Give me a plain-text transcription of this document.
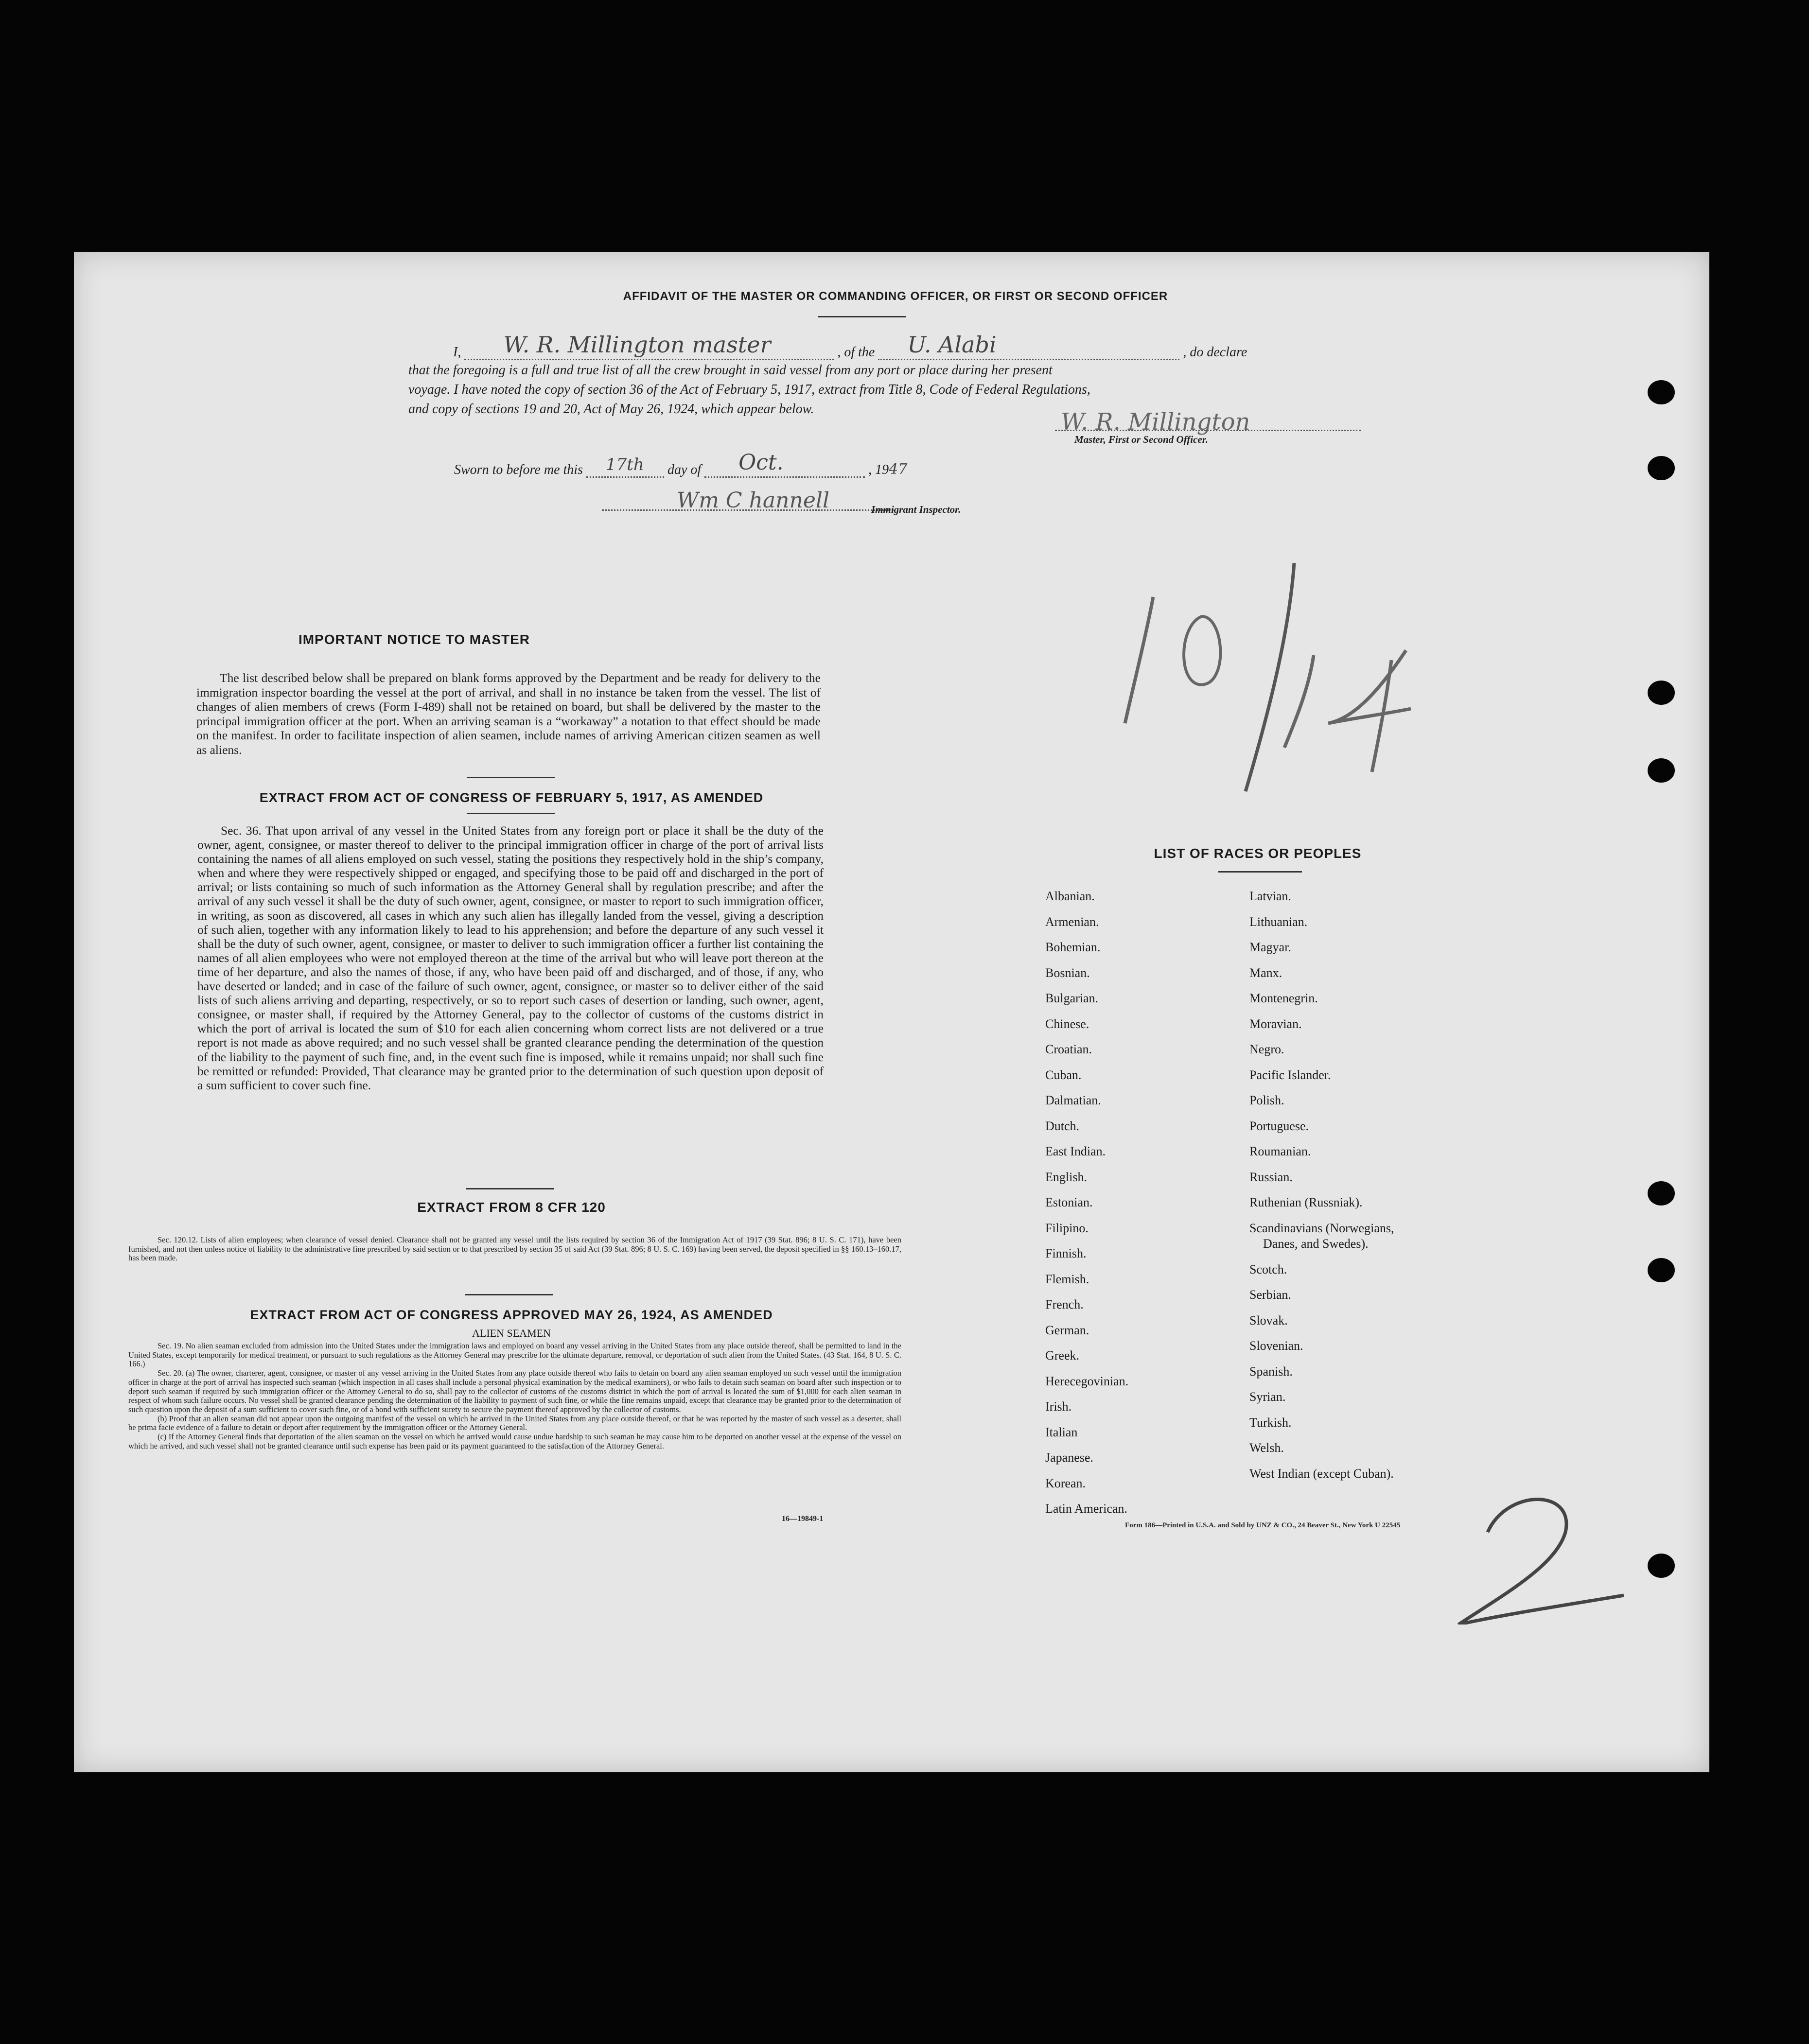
AFFIDAVIT OF THE MASTER OR COMMANDING OFFICER, OR FIRST OR SECOND OFFICER
I, W. R. Millington master	, of the U. Alabi	, do declare
that the foregoing is a full and true list of all the crew brought in said vessel from any port or place during her present
voyage. I have noted the copy of section 36 of the Act of February 5, 1917, extract from Title 8, Code of Federal Regulations,
and copy of sections 19 and 20, Act of May 26, 1924, which appear below.	W. R. Millington
Master, First or Second Officer.
Sworn to before me this 17th day of Oct.	, 1947
Wm C hannell	Immigrant Inspector.
IMPORTANT NOTICE TO MASTER

The list described below shall be prepared on blank forms approved by the Department and be ready for delivery to the immigration inspector boarding the vessel at the port of arrival, and shall in no instance be taken from the vessel. The list of changes of alien members of crews (Form I-489) shall not be retained on board, but shall be delivered by the master to the principal immigration officer at the port. When an arriving seaman is a “workaway” a notation to that effect should be made on the manifest. In order to facilitate inspection of alien seamen, include names of arriving American citizen seamen as well as aliens.

EXTRACT FROM ACT OF CONGRESS OF FEBRUARY 5, 1917, AS AMENDED

Sec. 36. That upon arrival of any vessel in the United States from any foreign port or place it shall be the duty of the owner, agent, consignee, or master thereof to deliver to the principal immigration officer in charge of the port of arrival lists containing the names of all aliens employed on such vessel, stating the positions they respectively hold in the ship’s company, when and where they were respectively shipped or engaged, and specifying those to be paid off and discharged in the port of arrival; or lists containing so much of such information as the Attorney General shall by regulation prescribe; and after the arrival of any such vessel it shall be the duty of such owner, agent, consignee, or master to report to such immigration officer, in writing, as soon as discovered, all cases in which any such alien has illegally landed from the vessel, giving a description of such alien, together with any information likely to lead to his apprehension; and before the departure of any such vessel it shall be the duty of such owner, agent, consignee, or master to deliver to such immigration officer a further list containing the names of all alien employees who were not employed thereon at the time of the arrival but who will leave port thereon at the time of her departure, and also the names of those, if any, who have been paid off and discharged, and of those, if any, who have deserted or landed; and in case of the failure of such owner, agent, consignee, or master so to deliver either of the said lists of such aliens arriving and departing, respectively, or so to report such cases of desertion or landing, such owner, agent, consignee, or master shall, if required by the Attorney General, pay to the collector of customs of the customs district in which the port of arrival is located the sum of $10 for each alien concerning whom correct lists are not delivered or a true report is not made as above required; and no such vessel shall be granted clearance pending the determination of the question of the liability to the payment of such fine, and, in the event such fine is imposed, while it remains unpaid; nor shall such fine be remitted or refunded: Provided, That clearance may be granted prior to the determination of such question upon deposit of a sum sufficient to cover such fine.

EXTRACT FROM 8 CFR 120

Sec. 120.12. Lists of alien employees; when clearance of vessel denied. Clearance shall not be granted any vessel until the lists required by section 36 of the Immigration Act of 1917 (39 Stat. 896; 8 U. S. C. 171), have been furnished, and not then unless notice of liability to the administrative fine prescribed by said section or to that prescribed by section 35 of said Act (39 Stat. 896; 8 U. S. C. 169) having been served, the deposit specified in §§ 160.13–160.17, has been made.

EXTRACT FROM ACT OF CONGRESS APPROVED MAY 26, 1924, AS AMENDED
ALIEN SEAMEN

Sec. 19. No alien seaman excluded from admission into the United States under the immigration laws and employed on board any vessel arriving in the United States from any place outside thereof, shall be permitted to land in the United States, except temporarily for medical treatment, or pursuant to such regulations as the Attorney General may prescribe for the ultimate departure, removal, or deportation of such alien from the United States. (43 Stat. 164, 8 U. S. C. 166.)

Sec. 20. (a) The owner, charterer, agent, consignee, or master of any vessel arriving in the United States from any place outside thereof who fails to detain on board any alien seaman employed on such vessel until the immigration officer in charge at the port of arrival has inspected such seaman (which inspection in all cases shall include a personal physical examination by the medical examiners), or who fails to detain such seaman on board after such inspection or to deport such seaman if required by such immigration officer or the Attorney General to do so, shall pay to the collector of customs of the customs district in which the port of arrival is located the sum of $1,000 for each alien seaman in respect of whom such failure occurs. No vessel shall be granted clearance pending the determination of the liability to payment of such fine, or while the fine remains unpaid, except that clearance may be granted prior to the determination of such question upon the deposit of a sum sufficient to cover such fine, or of a bond with sufficient surety to secure the payment thereof approved by the collector of customs.

(b) Proof that an alien seaman did not appear upon the outgoing manifest of the vessel on which he arrived in the United States from any place outside thereof, or that he was reported by the master of such vessel as a deserter, shall be prima facie evidence of a failure to detain or deport after requirement by the immigration officer or the Attorney General.

(c) If the Attorney General finds that deportation of the alien seaman on the vessel on which he arrived would cause undue hardship to such seaman he may cause him to be deported on another vessel at the expense of the vessel on which he arrived, and such vessel shall not be granted clearance until such expense has been paid or its payment guaranteed to the satisfaction of the Attorney General.

16—19849-1
LIST OF RACES OR PEOPLES
Albanian.
Armenian.
Bohemian.
Bosnian.
Bulgarian.
Chinese.
Croatian.
Cuban.
Dalmatian.
Dutch.
East Indian.
English.
Estonian.
Filipino.
Finnish.
Flemish.
French.
German.
Greek.
Herecegovinian.
Irish.
Italian
Japanese.
Korean.
Latin American.
Latvian.
Lithuanian.
Magyar.
Manx.
Montenegrin.
Moravian.
Negro.
Pacific Islander.
Polish.
Portuguese.
Roumanian.
Russian.
Ruthenian (Russniak).
Scandinavians (Norwegians,
Danes, and Swedes).
Scotch.
Serbian.
Slovak.
Slovenian.
Spanish.
Syrian.
Turkish.
Welsh.
West Indian (except Cuban).
Form 186—Printed in U.S.A. and Sold by UNZ & CO., 24 Beaver St., New York U 22545
